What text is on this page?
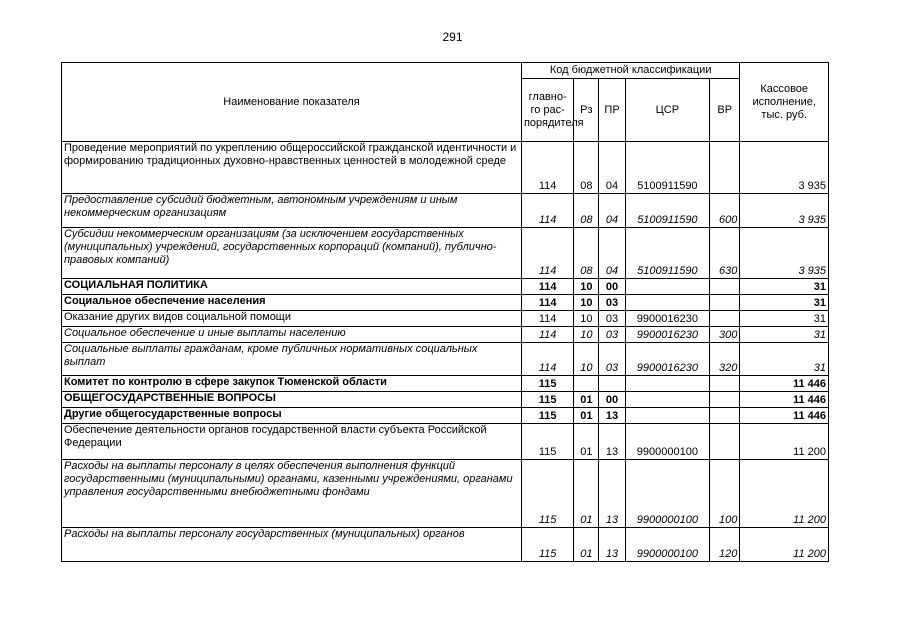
291
Наименование показателя	Код бюджетной классификации					Кассовое исполнение, тыс. руб.
	главно-го рас-порядителя	Рз	ПР	ЦСР	ВР	
Проведение мероприятий по укреплению общероссийской гражданской идентичности и формированию традиционных духовно-нравственных ценностей в молодежной среде	114	08	04	5100911590		3 935
Предоставление субсидий бюджетным, автономным учреждениям и иным некоммерческим организациям	114	08	04	5100911590	600	3 935
Субсидии некоммерческим организациям (за исключением государственных (муниципальных) учреждений, государственных корпораций (компаний), публично-правовых компаний)	114	08	04	5100911590	630	3 935
СОЦИАЛЬНАЯ ПОЛИТИКА	114	10	00			31
Социальное обеспечение населения	114	10	03			31
Оказание других видов социальной помощи	114	10	03	9900016230		31
Социальное обеспечение и иные выплаты населению	114	10	03	9900016230	300	31
Социальные выплаты гражданам, кроме публичных нормативных социальных выплат	114	10	03	9900016230	320	31
Комитет по контролю в сфере закупок Тюменской области	115					11 446
ОБЩЕГОСУДАРСТВЕННЫЕ ВОПРОСЫ	115	01	00			11 446
Другие общегосударственные вопросы	115	01	13			11 446
Обеспечение деятельности органов государственной власти субъекта Российской Федерации	115	01	13	9900000100		11 200
Расходы на выплаты персоналу в целях обеспечения выполнения функций государственными (муниципальными) органами, казенными учреждениями, органами управления государственными внебюджетными фондами	115	01	13	9900000100	100	11 200
Расходы на выплаты персоналу государственных (муниципальных) органов	115	01	13	9900000100	120	11 200
